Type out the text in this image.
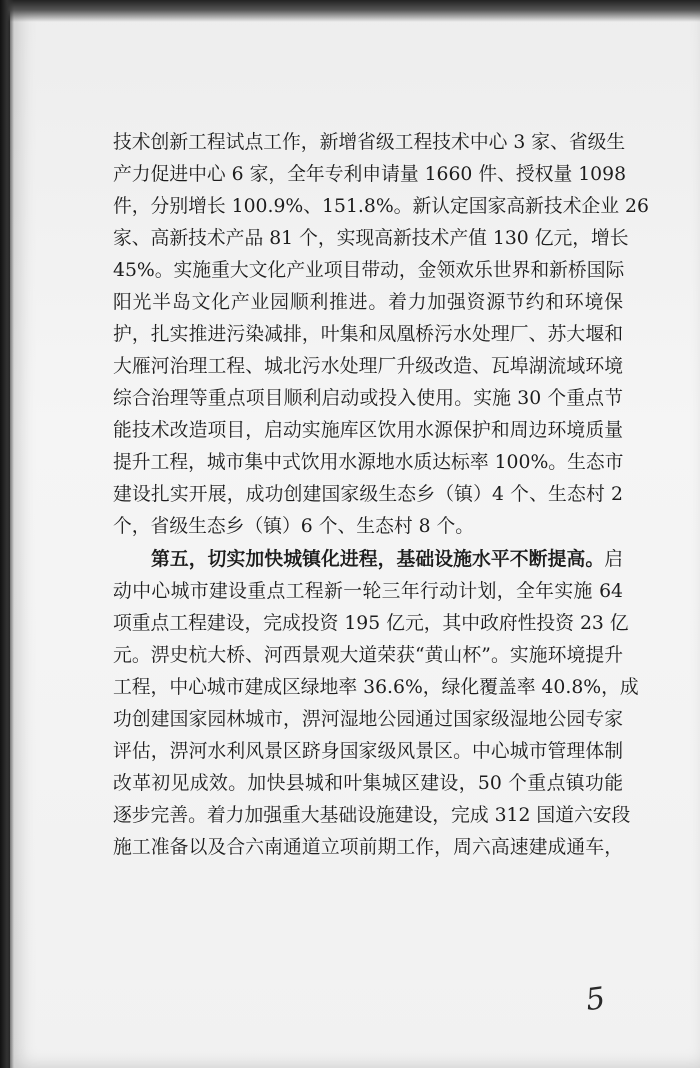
技术创新工程试点工作，新增省级工程技术中心 3 家、省级生
产力促进中心 6 家，全年专利申请量 1660 件、授权量 1098
件，分别增长 100.9%、151.8%。新认定国家高新技术企业 26
家、高新技术产品 81 个，实现高新技术产值 130 亿元，增长
45%。实施重大文化产业项目带动，金领欢乐世界和新桥国际
阳光半岛文化产业园顺利推进。着力加强资源节约和环境保
护，扎实推进污染减排，叶集和凤凰桥污水处理厂、苏大堰和
大雁河治理工程、城北污水处理厂升级改造、瓦埠湖流域环境
综合治理等重点项目顺利启动或投入使用。实施 30 个重点节
能技术改造项目，启动实施库区饮用水源保护和周边环境质量
提升工程，城市集中式饮用水源地水质达标率 100%。生态市
建设扎实开展，成功创建国家级生态乡（镇）4 个、生态村 2
个，省级生态乡（镇）6 个、生态村 8 个。
第五，切实加快城镇化进程，基础设施水平不断提高。启
动中心城市建设重点工程新一轮三年行动计划，全年实施 64
项重点工程建设，完成投资 195 亿元，其中政府性投资 23 亿
元。淠史杭大桥、河西景观大道荣获“黄山杯”。实施环境提升
工程，中心城市建成区绿地率 36.6%，绿化覆盖率 40.8%，成
功创建国家园林城市，淠河湿地公园通过国家级湿地公园专家
评估，淠河水利风景区跻身国家级风景区。中心城市管理体制
改革初见成效。加快县城和叶集城区建设，50 个重点镇功能
逐步完善。着力加强重大基础设施建设，完成 312 国道六安段
施工准备以及合六南通道立项前期工作，周六高速建成通车，
5
